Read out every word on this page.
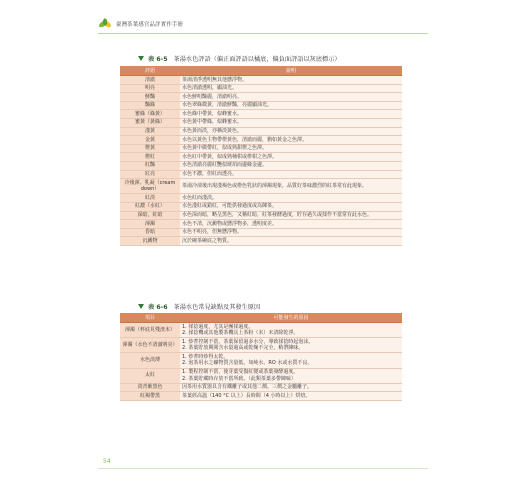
臺灣茶葉感官品評實作手冊
表 6-5 茶湯水色評語（偏正面評語以橘底，偏負面評語以灰底標示）
評語	說明
清澈	茶湯清淨透明無其他懸浮物。
明亮	水色清澈透明，顯油光。
鮮豔	水色鮮明豔麗，清澈明亮。
豔綠	水色翠綠微黃，清澈鮮豔，亮麗顯油光。
蜜綠（綠黃）	水色綠中帶黃，似蜂蜜水。
蜜黃（黃綠）	水色黃中帶綠，似蜂蜜水。
淺黃	水色黃而淡，亦稱淡黃色。
金黃	水色以黃色主物帶橙黃色，清澈而麗，猶如黃金之色澤。
橙黃	水色黃中微帶紅，似成熟甜橙之色澤。
橙紅	水色紅中帶黃，似成熟桶柑或橙柑之色澤。
紅豔	水色清澈亮麗紅艷似琥珀而邊緣金邊。
紅亮	水色不濃，但紅而透亮。
冷後渾、乳凝（cream down）	茶湯冷卻後出現淺褐色或橙色乳狀的渾濁現象，品質好茶味濃烈的紅茶常有此現象。
紅淡	水色紅而淺淡。
紅濃（水紅）	水色淺紅或錯紅，可能供發過度或為陳茶。
深暗，紅暗	水色深而暗，略呈黑色，又稱紅暗，紅茶發酵過度，貯存過久或揉作不當常有此水色。
渾濁	水色不清，沉澱物或懸浮物多，透明度差。
昏暗	水色不明亮，但無懸浮物。
沉澱物	沉於碗茶碗底之物質。
表 6-6 茶湯水色常見缺點及其發生原因
項目	可能發生的原因
渾濁（杯底見殘渣末）	1. 揉捻過度，尤其是團揉過度。
2. 揉捻機或其他製茶機具上茶粉（末）未清除乾淨。
渾濁（水色不清澈明亮）	1. 炒菁控制不當，茶葉保留過多水分，導致揉捻時起泡沫。
2. 茶葉貯放期間含水量過高或乾燥不完全，稍帶陳味。
水色淡薄	1. 炒菁時炒得太乾。
2. 泡茶用水之礦物質含量低，如純水、RO 水或水質不良。
太紅	1. 製程控制不當，使芽葉受傷紅變或茶葉發酵過度。
2. 茶葉貯藏時存放不當所致。（此類茶葉多帶陳味）
淡青紫黑色	因茶用水質器具含有鐵離子或其他二價、三價之金屬離子。
紅褐帶黑	茶葉經高溫（140 °C 以上）長時間（4 小時以上）烘焙。
54
